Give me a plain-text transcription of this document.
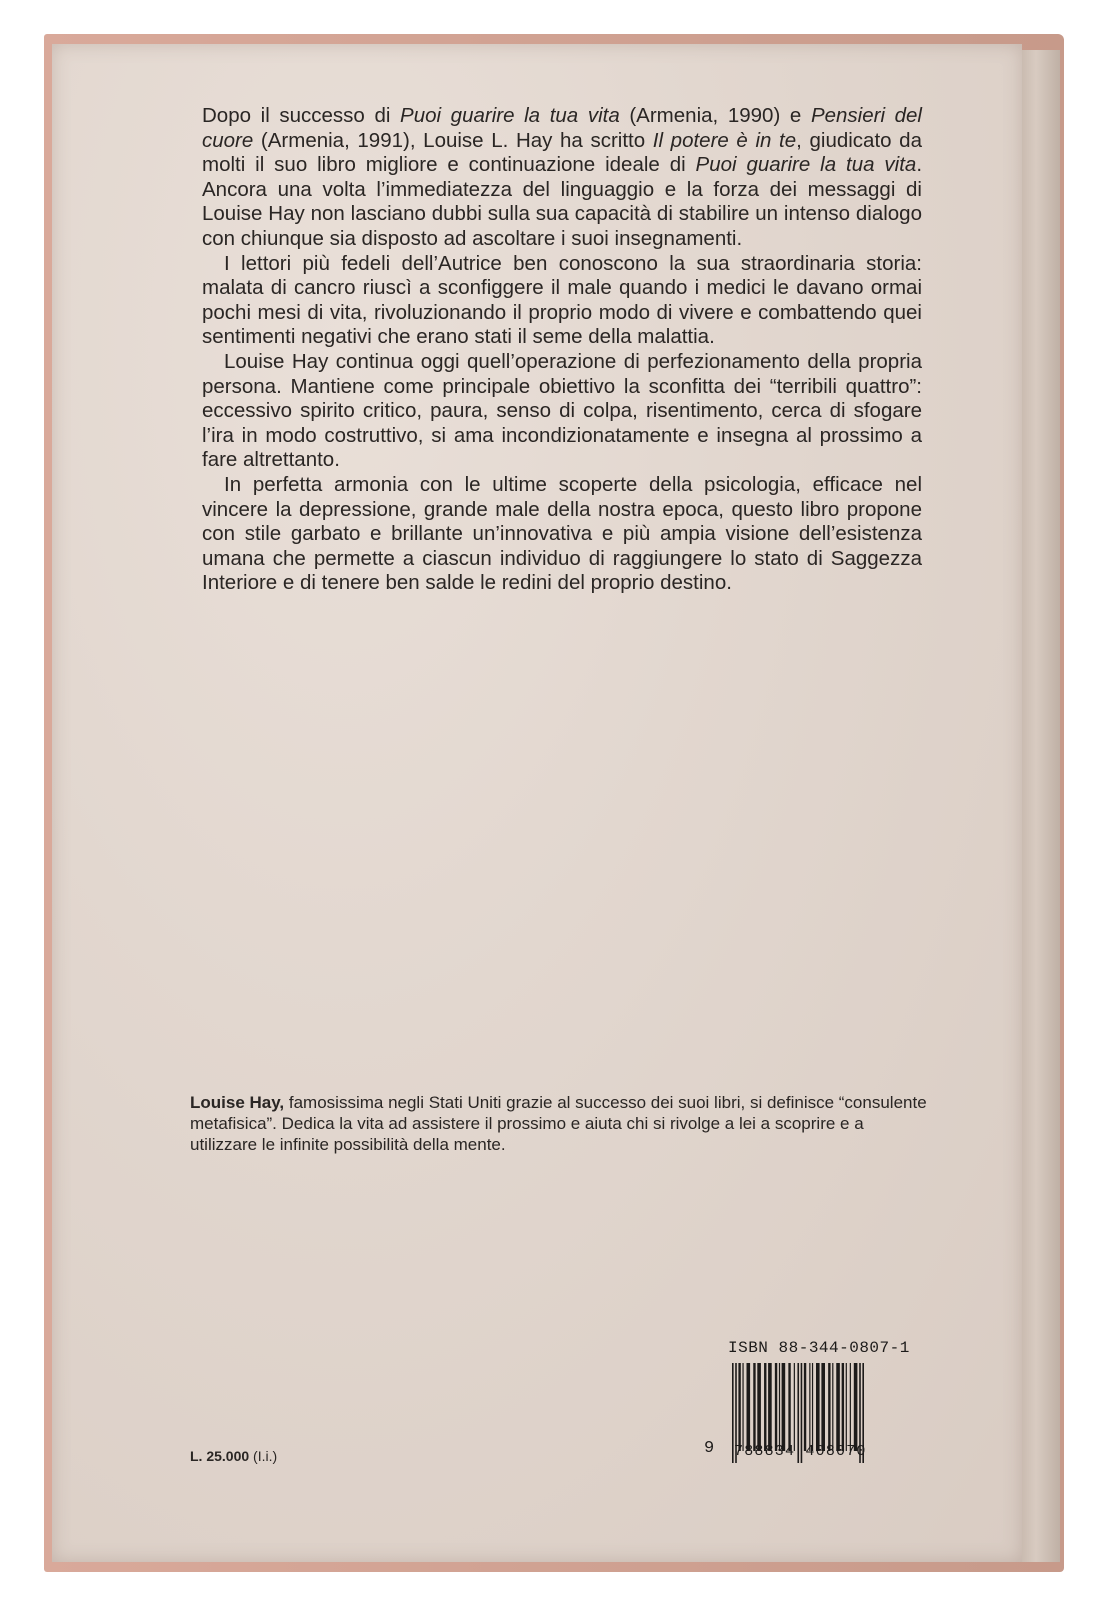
Dopo il successo di Puoi guarire la tua vita (Armenia, 1990) e Pensieri del cuore (Armenia, 1991), Louise L. Hay ha scritto Il potere è in te, giudicato da molti il suo libro migliore e continuazione ideale di Puoi guarire la tua vita. Ancora una volta l’immediatezza del linguaggio e la forza dei messaggi di Louise Hay non lasciano dubbi sulla sua capacità di stabilire un intenso dialogo con chiunque sia disposto ad ascoltare i suoi insegnamenti.

I lettori più fedeli dell’Autrice ben conoscono la sua straordinaria storia: malata di cancro riuscì a sconfiggere il male quando i medici le davano ormai pochi mesi di vita, rivoluzionando il proprio modo di vivere e combattendo quei sentimenti negativi che erano stati il seme della malattia.

Louise Hay continua oggi quell’operazione di perfezionamento della propria persona. Mantiene come principale obiettivo la sconfitta dei “terribili quattro”: eccessivo spirito critico, paura, senso di colpa, risentimento, cerca di sfogare l’ira in modo costruttivo, si ama incondizionatamente e insegna al prossimo a fare altrettanto.

In perfetta armonia con le ultime scoperte della psicologia, efficace nel vincere la depressione, grande male della nostra epoca, questo libro propone con stile garbato e brillante un’innovativa e più ampia visione dell’esistenza umana che permette a ciascun individuo di raggiungere lo stato di Saggezza Interiore e di tenere ben salde le redini del proprio destino.

Louise Hay, famosissima negli Stati Uniti grazie al successo dei suoi libri, si definisce “consulente metafisica”. Dedica la vita ad assistere il prossimo e aiuta chi si rivolge a lei a scoprire e a utilizzare le infinite possibilità della mente.
L. 25.000 (I.i.)
ISBN 88-344-0807-1
9 788834 408070
